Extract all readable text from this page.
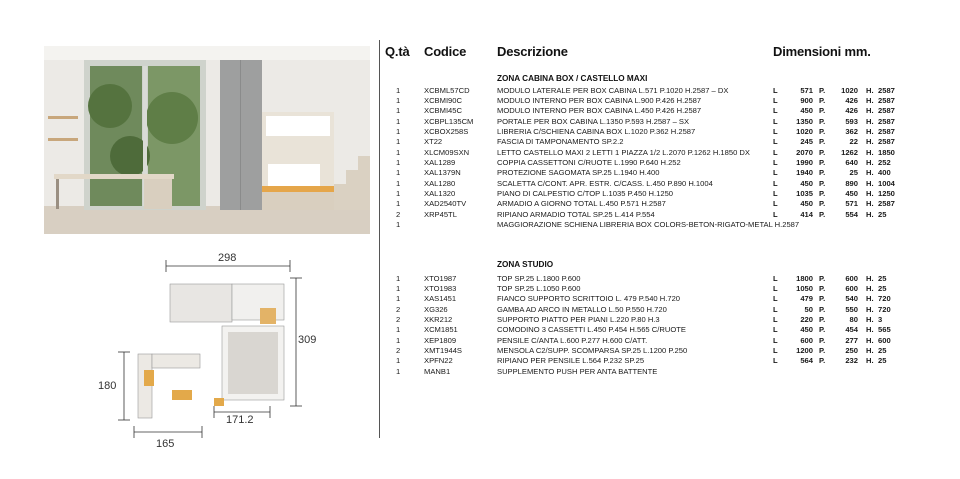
298
309
180
165
171.2
Q.tà Codice Descrizione	Dimensioni mm.
ZONA CABINA BOX / CASTELLO MAXI
1	XCBML57CD	MODULO LATERALE PER BOX CABINA L.571 P.1020 H.2587 – DX	L	571 P.	1020 H. 2587
1	XCBMI90C	MODULO INTERNO PER BOX CABINA L.900 P.426 H.2587	L	900 P.	426 H. 2587
1	XCBMI45C	MODULO INTERNO PER BOX CABINA L.450 P.426 H.2587	L	450 P.	426 H. 2587
1	XCBPL135CM	PORTALE PER BOX CABINA L.1350 P.593 H.2587 – SX	L	1350 P.	593 H. 2587
1	XCBOX258S	LIBRERIA C/SCHIENA CABINA BOX L.1020 P.362 H.2587	L	1020 P.	362 H. 2587
1	XT22	FASCIA DI TAMPONAMENTO SP.2.2	L	245 P.	22 H. 2587
1	XLCM09SXN	LETTO CASTELLO MAXI 2 LETTI 1 PIAZZA 1/2 L.2070 P.1262 H.1850 DX	L	2070 P.	1262 H. 1850
1	XAL1289	COPPIA CASSETTONI C/RUOTE L.1990 P.640 H.252	L	1990 P.	640 H. 252
1	XAL1379N	PROTEZIONE SAGOMATA SP.25 L.1940 H.400	L	1940 P.	25 H. 400
1	XAL1280	SCALETTA C/CONT. APR. ESTR. C/CASS. L.450 P.890 H.1004	L	450 P.	890 H. 1004
1	XAL1320	PIANO DI CALPESTIO C/TOP L.1035 P.450 H.1250	L	1035 P.	450 H. 1250
1	XAD2540TV	ARMADIO A GIORNO TOTAL L.450 P.571 H.2587	L	450 P.	571 H. 2587
2	XRP45TL	RIPIANO ARMADIO TOTAL SP.25 L.414 P.554	L	414 P.	554 H. 25
1	MAGGIORAZIONE SCHIENA LIBRERIA BOX COLORS-BETON-RIGATO-METAL H.2587
ZONA STUDIO
1	XTO1987	TOP SP.25 L.1800 P.600	L	1800 P.	600 H. 25
1	XTO1983	TOP SP.25 L.1050 P.600	L	1050 P.	600 H. 25
1	XAS1451	FIANCO SUPPORTO SCRITTOIO L. 479 P.540 H.720	L	479 P.	540 H. 720
2	XG326	GAMBA AD ARCO IN METALLO L.50 P.550 H.720	L	50 P.	550 H. 720
2	XKR212	SUPPORTO PIATTO PER PIANI L.220 P.80 H.3	L	220 P.	80 H. 3
1	XCM1851	COMODINO 3 CASSETTI L.450 P.454 H.565 C/RUOTE	L	450 P.	454 H. 565
1	XEP1809	PENSILE C/ANTA L.600 P.277 H.600 C/ATT.	L	600 P.	277 H. 600
2	XMT1944S	MENSOLA C2/SUPP. SCOMPARSA SP.25 L.1200 P.250	L	1200 P.	250 H. 25
1	XPFN22	RIPIANO PER PENSILE L.564 P.232 SP.25	L	564 P.	232 H. 25
1	MANB1	SUPPLEMENTO PUSH PER ANTA BATTENTE
